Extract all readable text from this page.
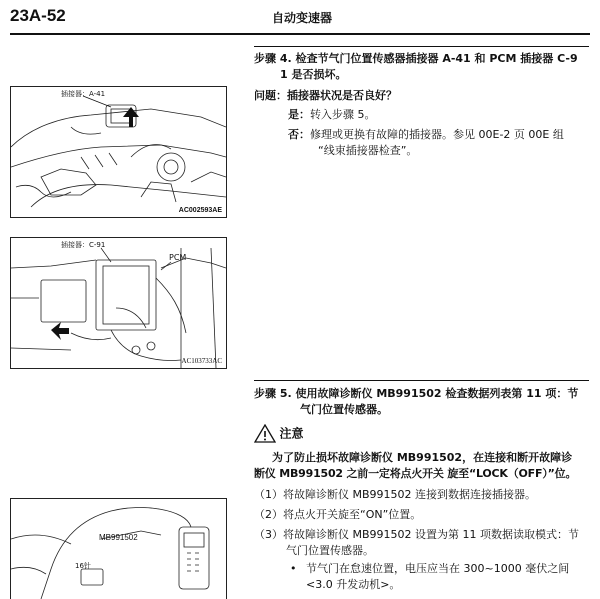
23A-52	自动变速器
插接器：A-41
AC002593AE
插接器：C-91
PCM
AC103733AC
MB991502
16针
步骤 4. 检查节气门位置传感器插接器 A-41 和 PCM 插接器 C-9
1 是否损坏。
问题：插接器状况是否良好？
是：转入步骤 5。
否：修理或更换有故障的插接器。参见 00E-2 页 00E 组
“线束插接器检查”。
步骤 5. 使用故障诊断仪 MB991502 检查数据列表第 11 项：节
气门位置传感器。
注意
为了防止损坏故障诊断仪 MB991502，在连接和断开故障诊
断仪 MB991502 之前一定将点火开关 旋至“LOCK（OFF）”位。
（1）将故障诊断仪 MB991502 连接到数据连接插接器。
（2）将点火开关旋至“ON”位置。
（3）将故障诊断仪 MB991502 设置为第 11 项数据读取模式：节
气门位置传感器。
• 节气门在怠速位置，电压应当在 300~1000 毫伏之间
<3.0 升发动机>。
